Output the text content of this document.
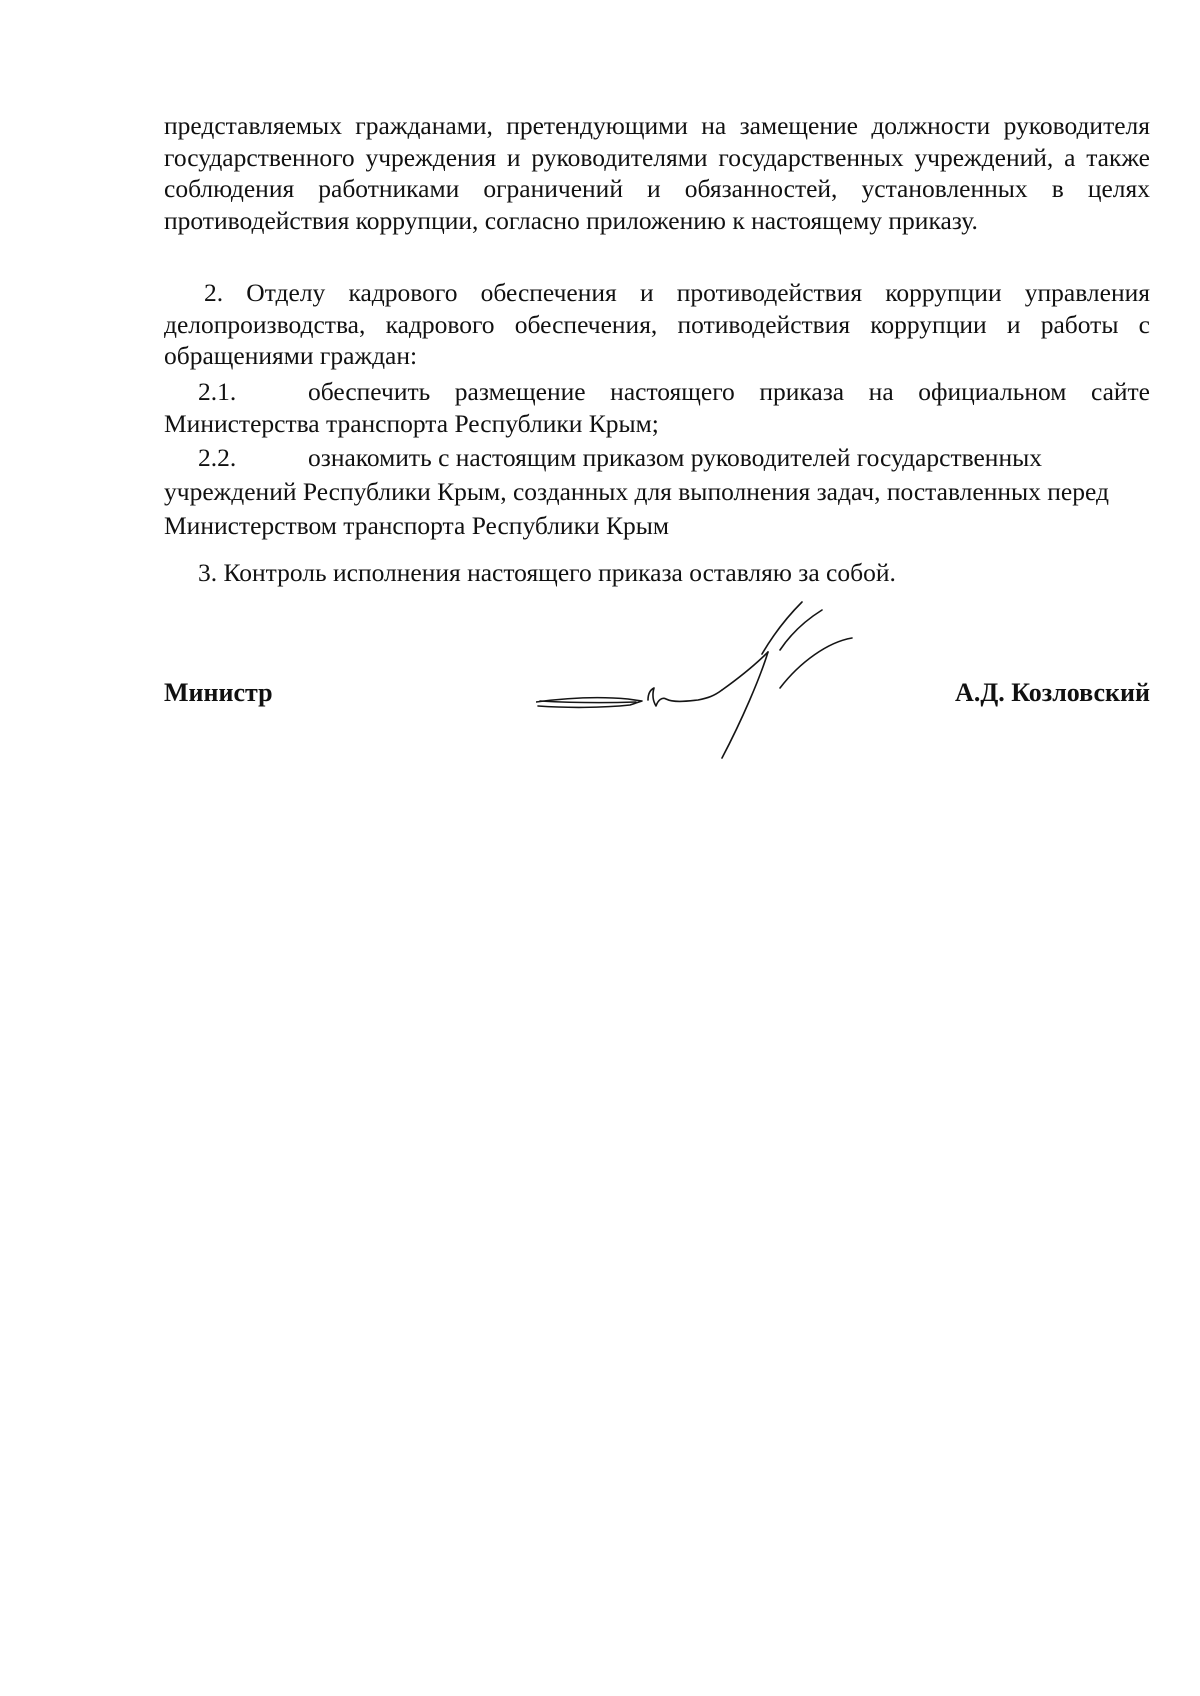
представляемых гражданами, претендующими на замещение должности руководителя государственного учреждения и руководителями государственных учреждений, а также соблюдения работниками ограничений и обязанностей, установленных в целях противодействия коррупции, согласно приложению к настоящему приказу.

2. Отделу кадрового обеспечения и противодействия коррупции управления делопроизводства, кадрового обеспечения, потиводействия коррупции и работы с обращениями граждан:

2.1.	обеспечить размещение настоящего приказа на официальном сайте Министерства транспорта Республики Крым;

2.2.	ознакомить с настоящим приказом руководителей государственных учреждений Республики Крым, созданных для выполнения задач, поставленных перед Министерством транспорта Республики Крым

3. Контроль исполнения настоящего приказа оставляю за собой.

Министр	А.Д. Козловский
